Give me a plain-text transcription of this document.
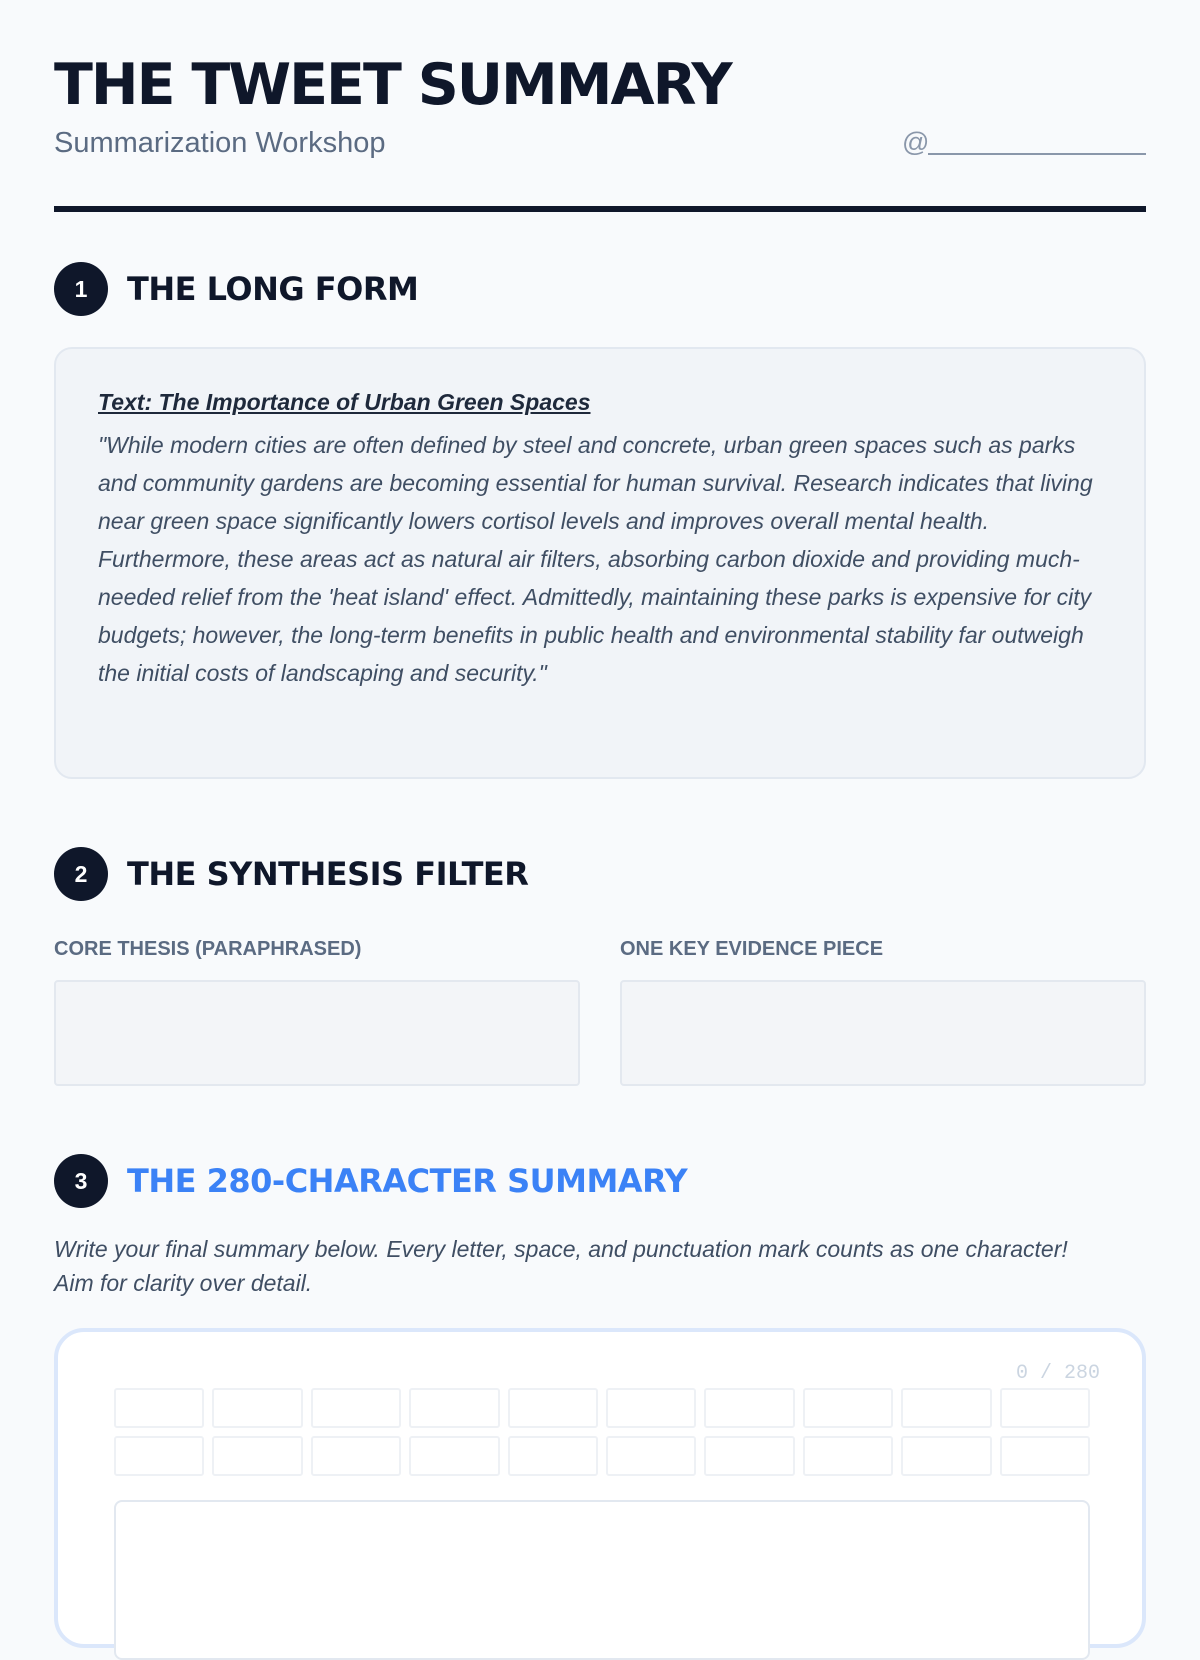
THE TWEET SUMMARY
Summarization Workshop	@
1	THE LONG FORM

Text: The Importance of Urban Green Spaces

"While modern cities are often defined by steel and concrete, urban green spaces such as parks and community gardens are becoming essential for human survival. Research indicates that living near green space significantly lowers cortisol levels and improves overall mental health. Furthermore, these areas act as natural air filters, absorbing carbon dioxide and providing much-needed relief from the 'heat island' effect. Admittedly, maintaining these parks is expensive for city budgets; however, the long-term benefits in public health and environmental stability far outweigh the initial costs of landscaping and security."

2	THE SYNTHESIS FILTER
CORE THESIS (PARAPHRASED)	ONE KEY EVIDENCE PIECE
3	THE 280-CHARACTER SUMMARY

Write your final summary below. Every letter, space, and punctuation mark counts as one character! Aim for clarity over detail.

0 / 280
